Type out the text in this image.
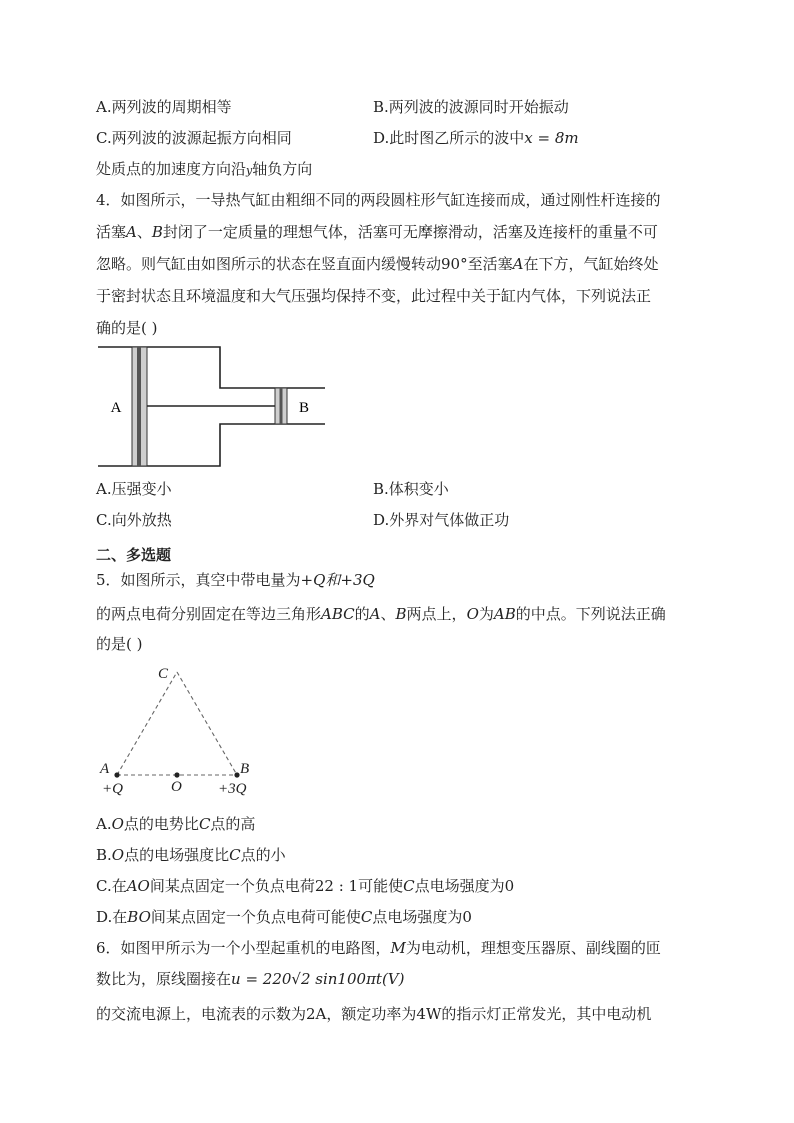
A.两列波的周期相等	B.两列波的波源同时开始振动
C.两列波的波源起振方向相同	D.此时图乙所示的波中x = 8m
处质点的加速度方向沿y轴负方向
4．如图所示，一导热气缸由粗细不同的两段圆柱形气缸连接而成，通过刚性杆连接的
活塞A、B封闭了一定质量的理想气体，活塞可无摩擦滑动，活塞及连接杆的重量不可
忽略。则气缸由如图所示的状态在竖直面内缓慢转动90°至活塞A在下方，气缸始终处
于密封状态且环境温度和大气压强均保持不变，此过程中关于缸内气体，下列说法正
确的是( )
A	B
A.压强变小	B.体积变小
C.向外放热	D.外界对气体做正功
二、多选题
5．如图所示，真空中带电量为+Q和+3Q
的两点电荷分别固定在等边三角形ABC的A、B两点上，O为AB的中点。下列说法正确
的是( )
C
A	B
O
+Q	+3Q
A.O点的电势比C点的高
B.O点的电场强度比C点的小
C.在AO间某点固定一个负点电荷22 : 1可能使C点电场强度为0
D.在BO间某点固定一个负点电荷可能使C点电场强度为0
6．如图甲所示为一个小型起重机的电路图，M为电动机，理想变压器原、副线圈的匝
数比为，原线圈接在u = 220√2 sin100πt(V)
的交流电源上，电流表的示数为2A，额定功率为4W的指示灯正常发光，其中电动机
